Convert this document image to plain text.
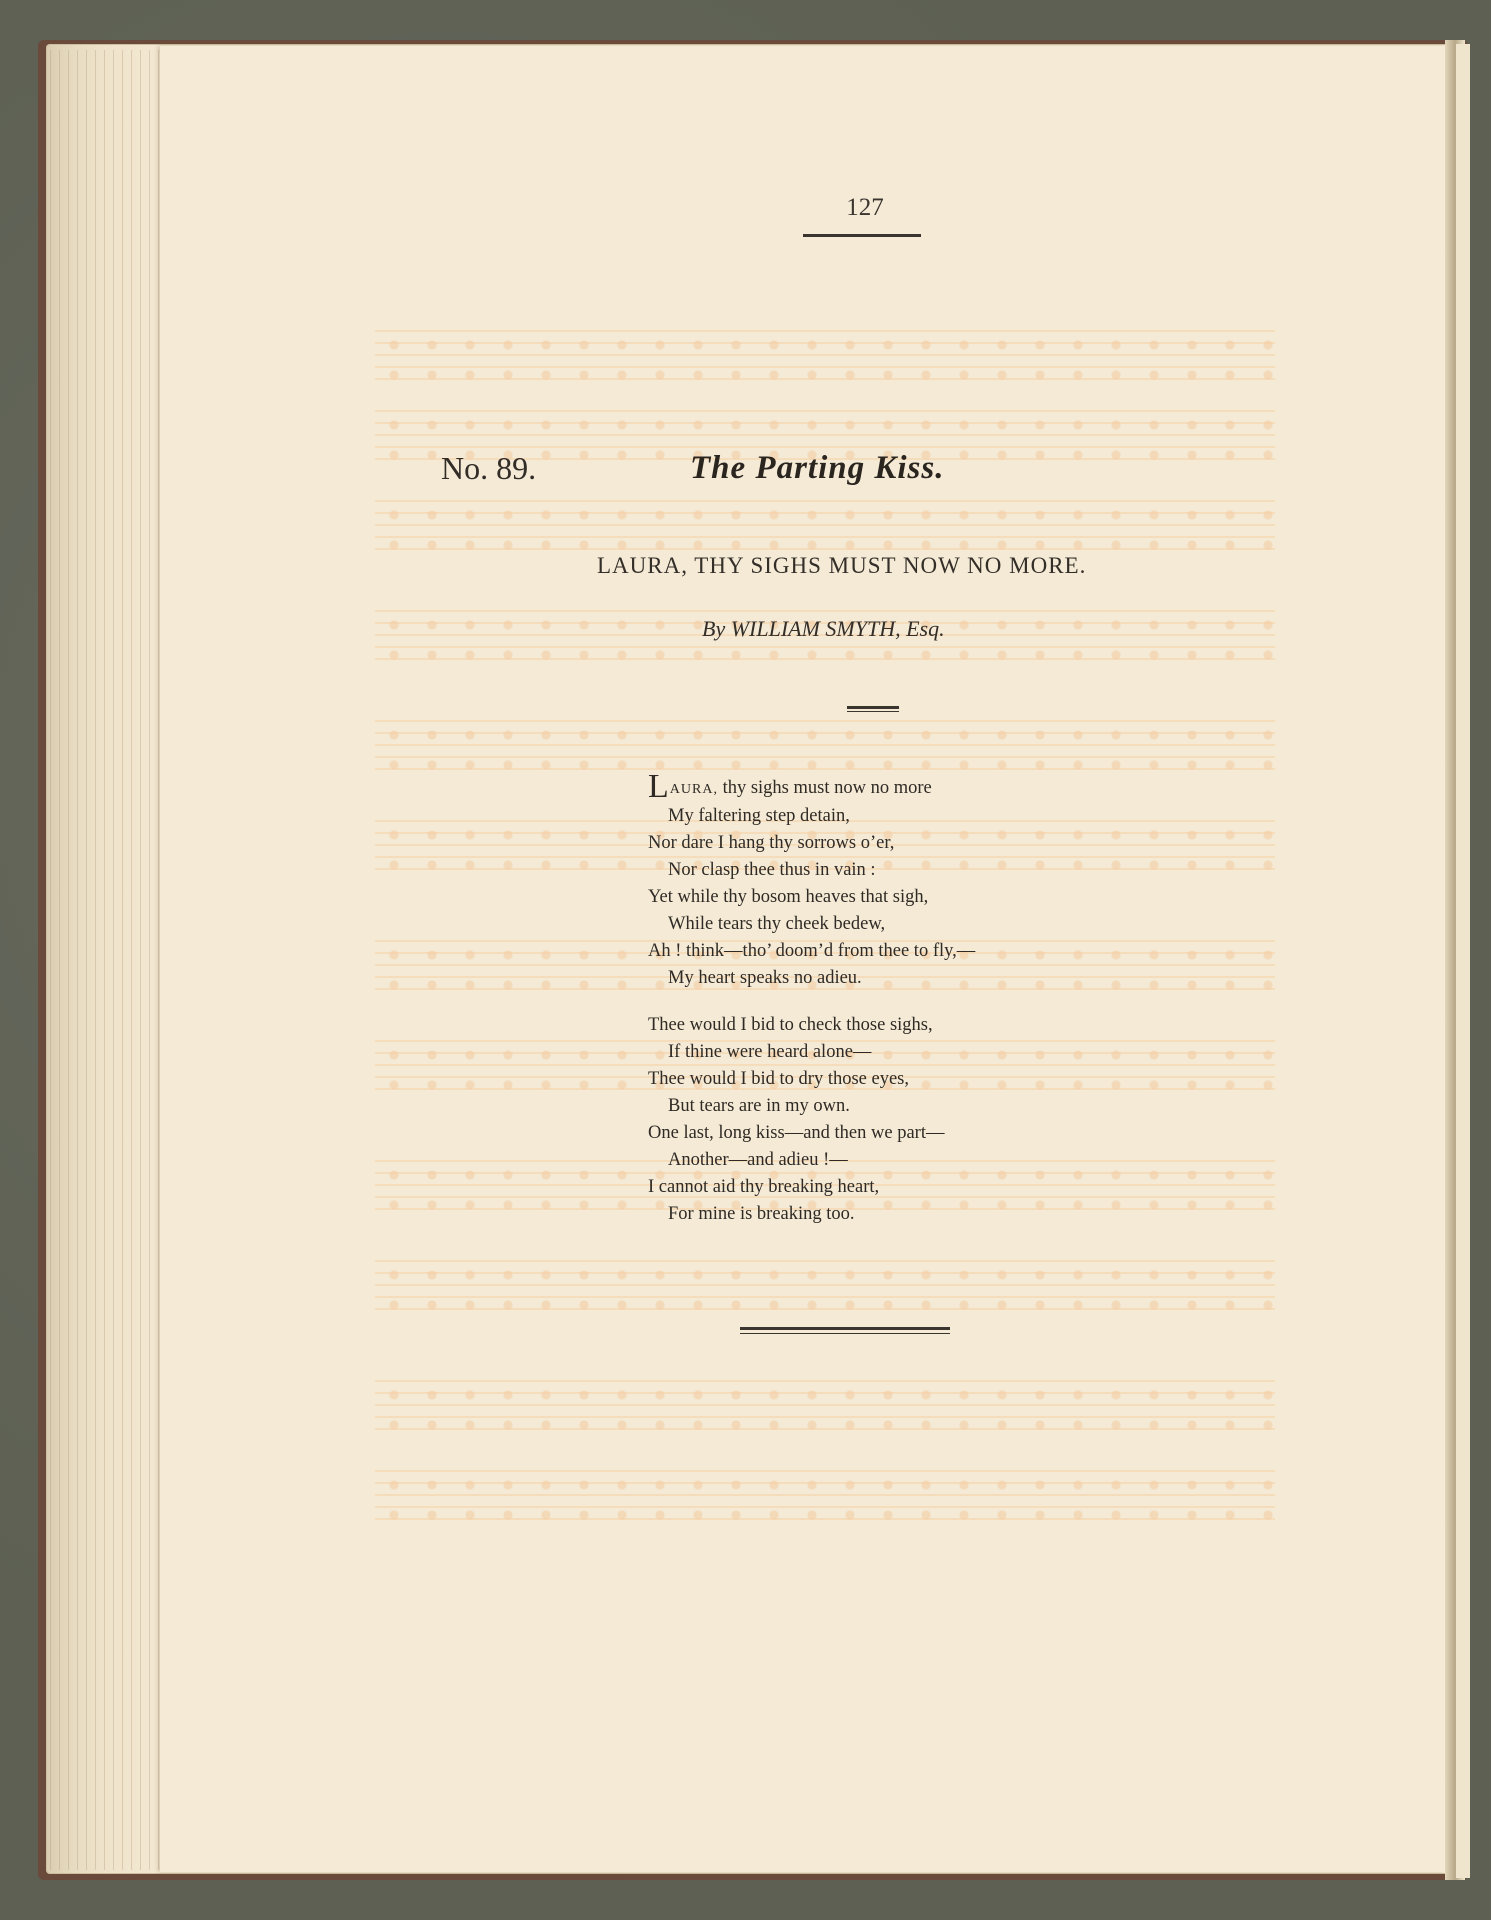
127
No. 89.	The Parting Kiss.
LAURA, THY SIGHS MUST NOW NO MORE.
By WILLIAM SMYTH, Esq.
LAURA, thy sighs must now no more
My faltering step detain,
Nor dare I hang thy sorrows o’er,
Nor clasp thee thus in vain :
Yet while thy bosom heaves that sigh,
While tears thy cheek bedew,
Ah ! think—tho’ doom’d from thee to fly,—
My heart speaks no adieu.
Thee would I bid to check those sighs,
If thine were heard alone—
Thee would I bid to dry those eyes,
But tears are in my own.
One last, long kiss—and then we part—
Another—and adieu !—
I cannot aid thy breaking heart,
For mine is breaking too.
